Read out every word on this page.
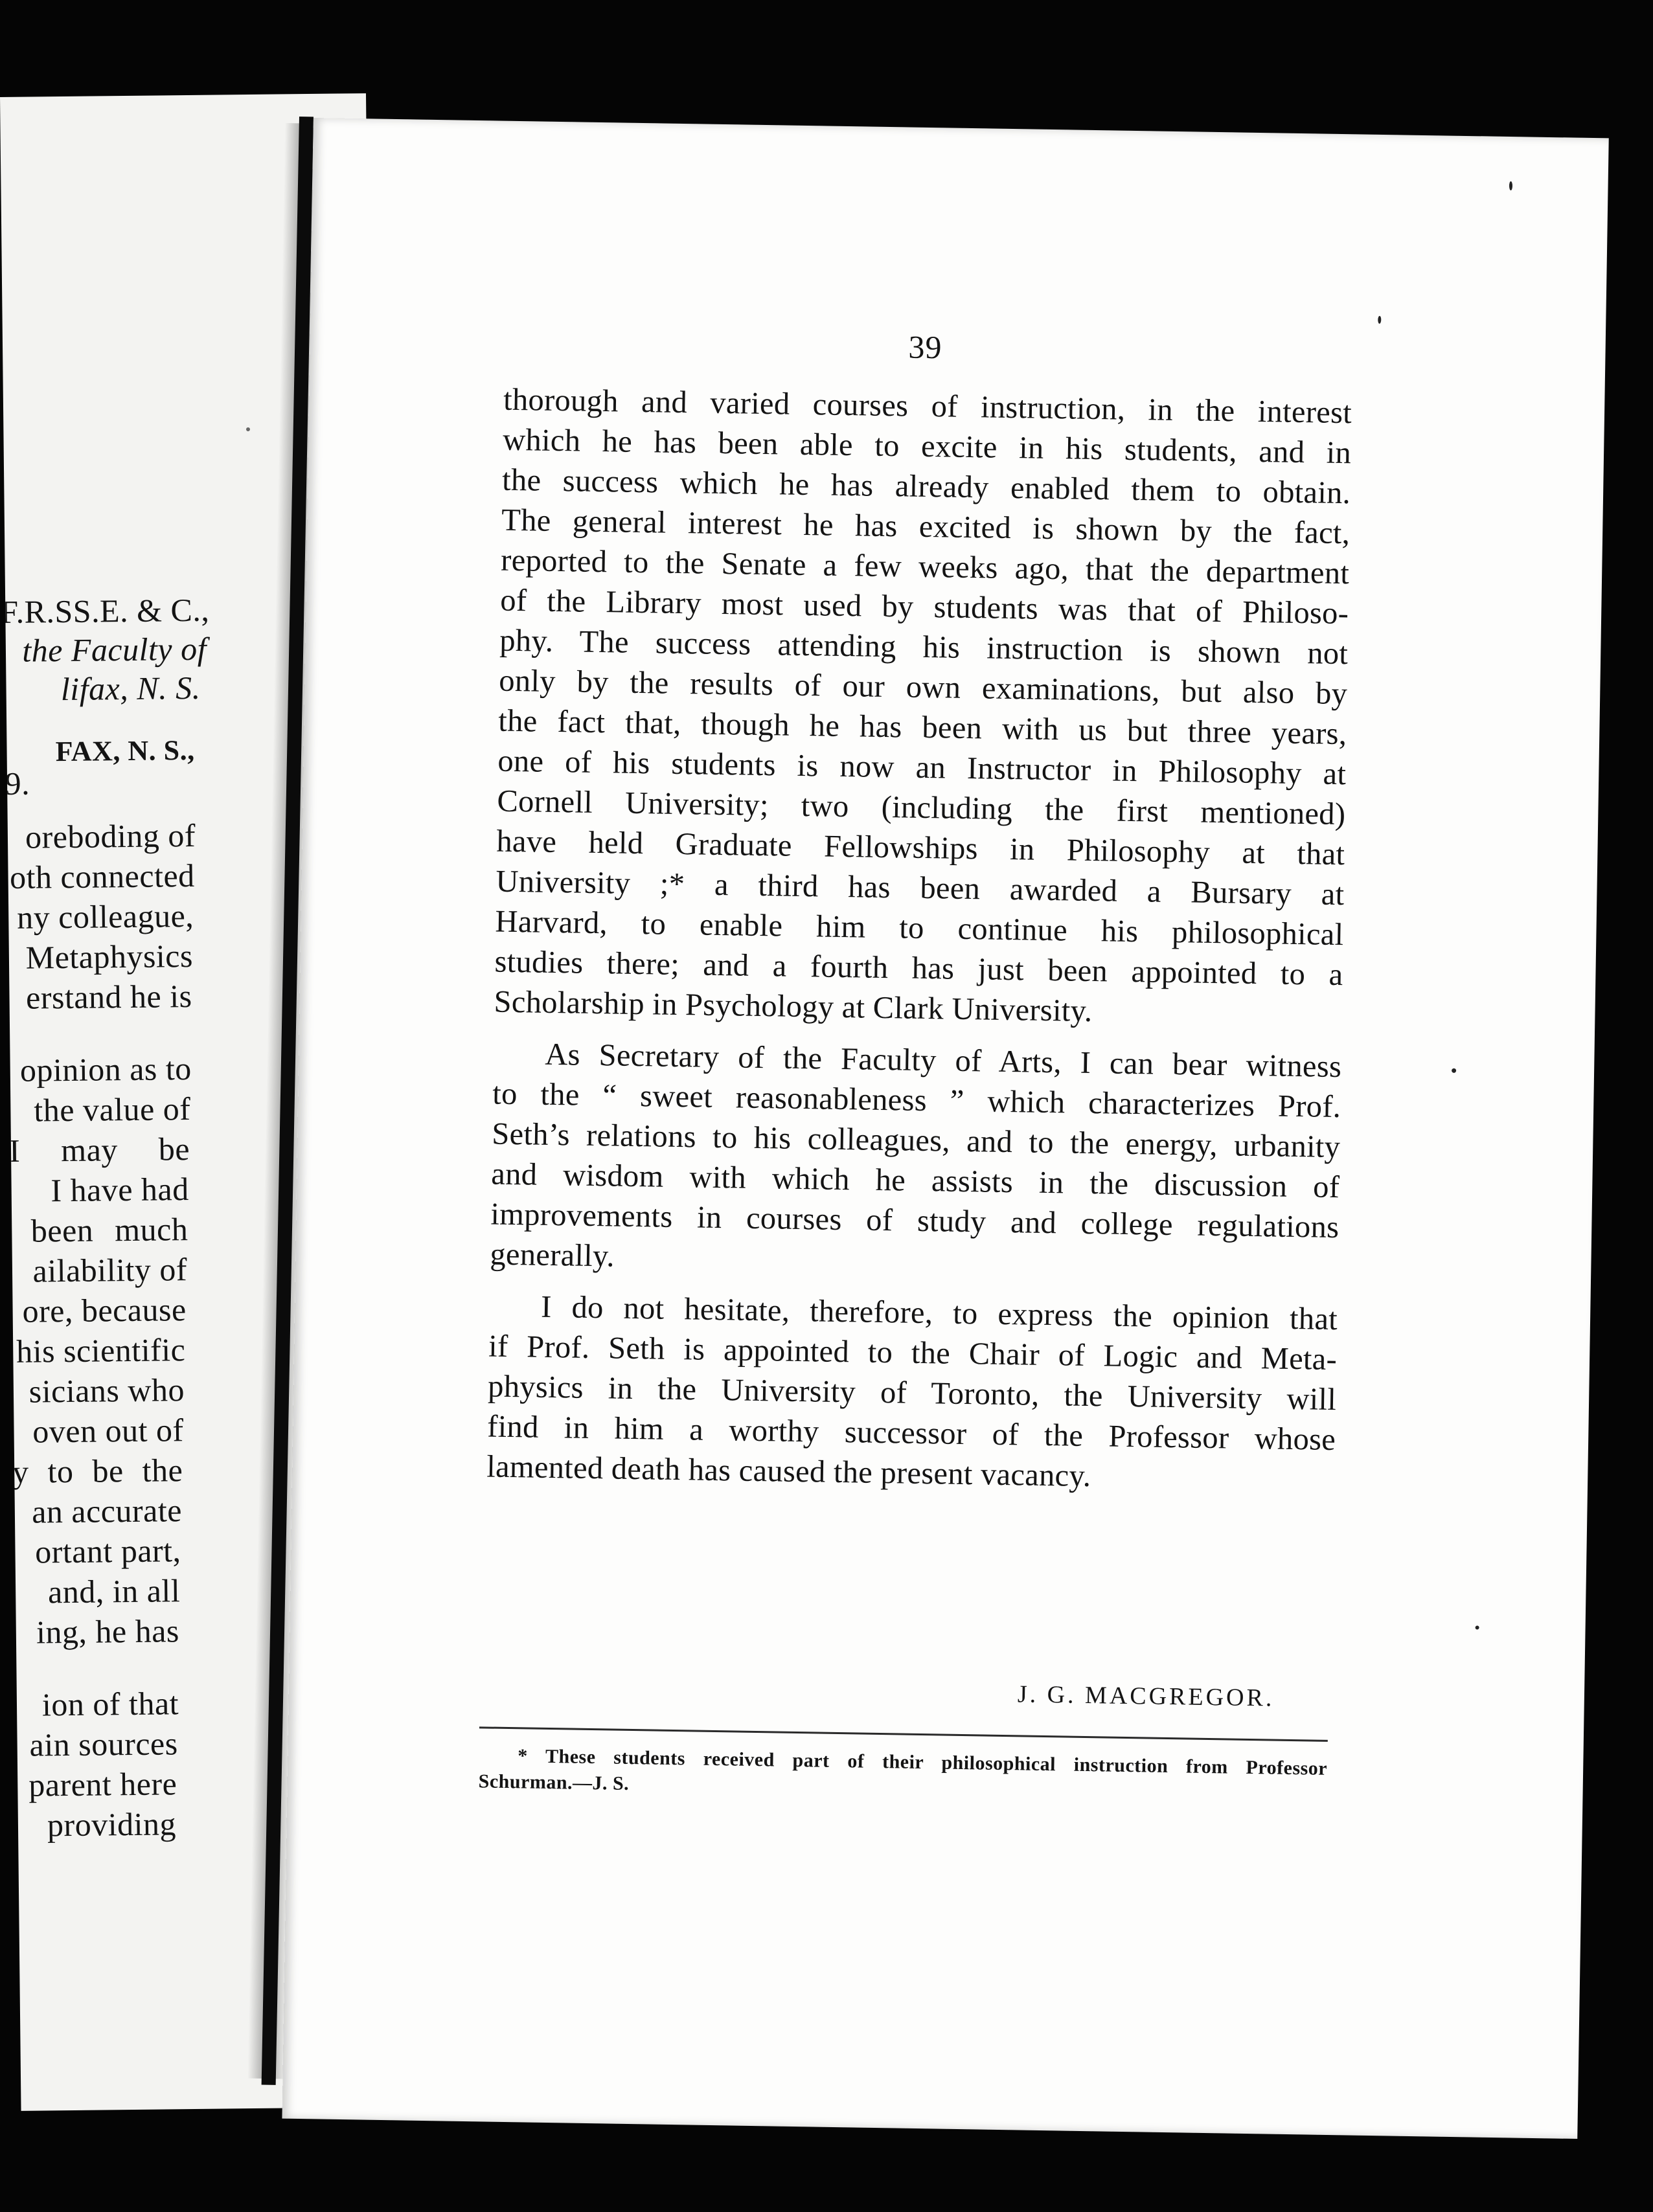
F.R.SS.E. & C.,
the Faculty of
lifax, N. S.
FAX, N. S.,
9.
oreboding of
oth connected
ny colleague,
Metaphysics
erstand he is
opinion as to
the value of
I may be
I have had
been much
ailability of
ore, because
his scientific
sicians who
oven out of
y to be the
an accurate
ortant part,
and, in all
ing, he has
ion of that
ain sources
parent here
providing
39
thorough and varied courses of instruction, in the interest
which he has been able to excite in his students, and in
the success which he has already enabled them to obtain.
The general interest he has excited is shown by the fact,
reported to the Senate a few weeks ago, that the department
of the Library most used by students was that of Philoso-
phy. The success attending his instruction is shown not
only by the results of our own examinations, but also by
the fact that, though he has been with us but three years,
one of his students is now an Instructor in Philosophy at
Cornell University; two (including the first mentioned)
have held Graduate Fellowships in Philosophy at that
University ;* a third has been awarded a Bursary at
Harvard, to enable him to continue his philosophical
studies there; and a fourth has just been appointed to a
Scholarship in Psychology at Clark University.
As Secretary of the Faculty of Arts, I can bear witness
to the “ sweet reasonableness ” which characterizes Prof.
Seth’s relations to his colleagues, and to the energy, urbanity
and wisdom with which he assists in the discussion of
improvements in courses of study and college regulations
generally.
I do not hesitate, therefore, to express the opinion that
if Prof. Seth is appointed to the Chair of Logic and Meta-
physics in the University of Toronto, the University will
find in him a worthy successor of the Professor whose
lamented death has caused the present vacancy.
J. G. MACGREGOR.
* These students received part of their philosophical instruction from Professor
Schurman.—J. S.
